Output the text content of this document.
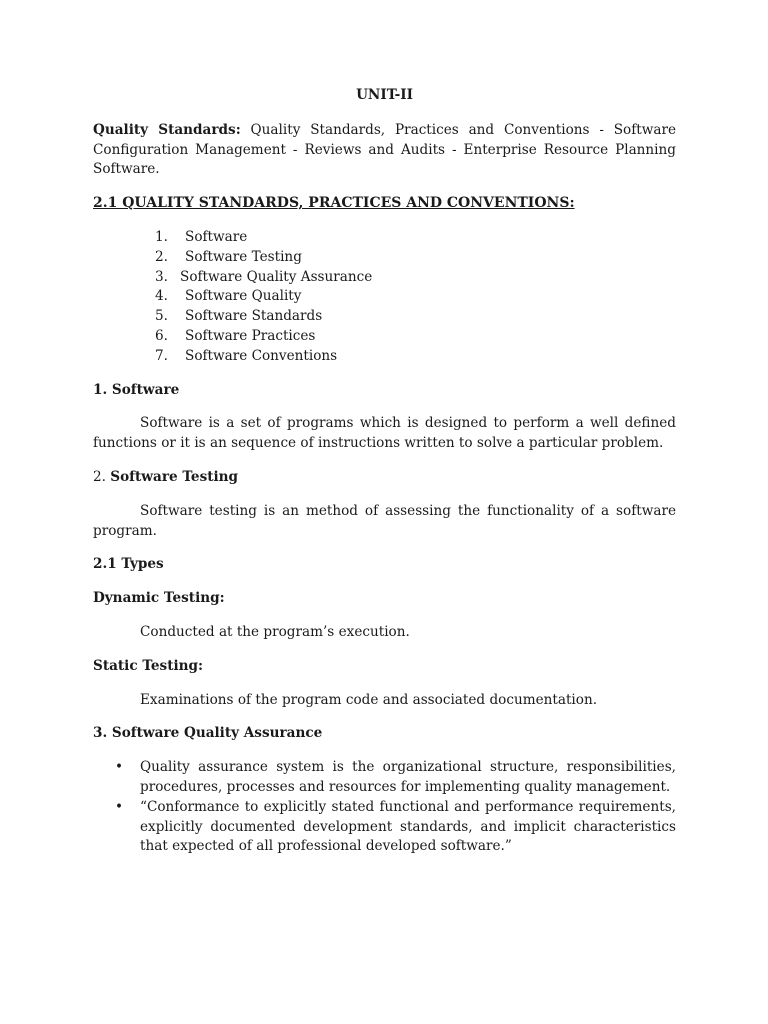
UNIT-II

Quality Standards: Quality Standards, Practices and Conventions - Software Configuration Management - Reviews and Audits - Enterprise Resource Planning Software.

2.1 QUALITY STANDARDS, PRACTICES AND CONVENTIONS:
1.	Software
2.	Software Testing
3. Software Quality Assurance
4.	Software Quality
5.	Software Standards
6.	Software Practices
7.	Software Conventions
1. Software

Software is a set of programs which is designed to perform a well defined functions or it is an sequence of instructions written to solve a particular problem.

2. Software Testing

Software testing is an method of assessing the functionality of a software program.

2.1 Types
Dynamic Testing:

Conducted at the program’s execution.

Static Testing:

Examinations of the program code and associated documentation.

3. Software Quality Assurance
• Quality assurance system is the organizational structure, responsibilities, procedures, processes and resources for implementing quality management.
• “Conformance to explicitly stated functional and performance requirements, explicitly documented development standards, and implicit characteristics that expected of all professional developed software.”
